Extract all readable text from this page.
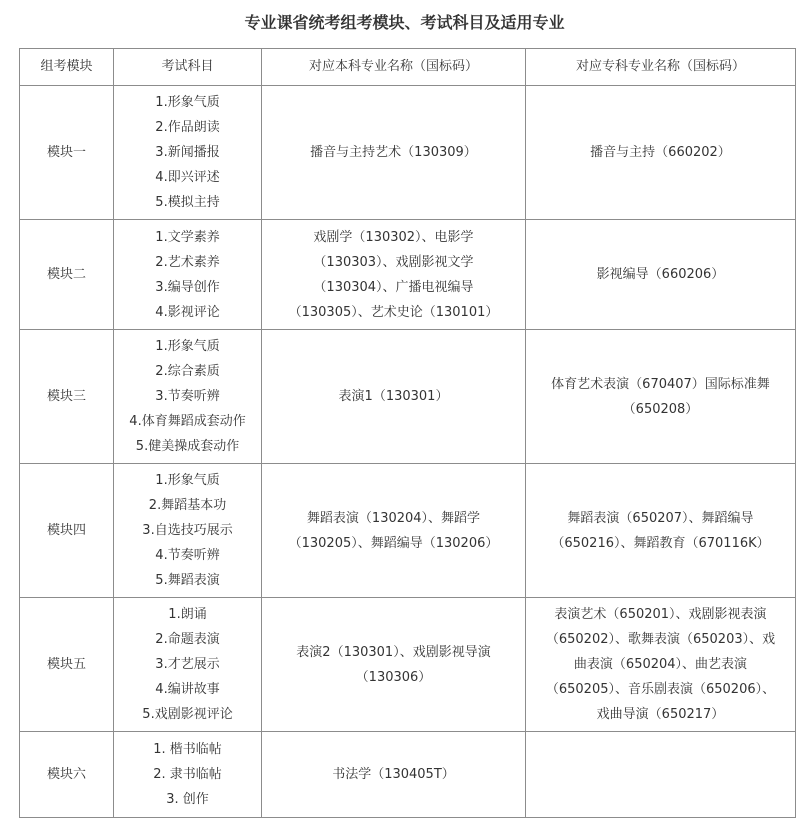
专业课省统考组考模块、考试科目及适用专业
组考模块	考试科目	对应本科专业名称（国标码）	对应专科专业名称（国标码）
模块一	1.形象气质
2.作品朗读
3.新闻播报
4.即兴评述
5.模拟主持	播音与主持艺术（130309）	播音与主持（660202）

模块二	1.文学素养
2.艺术素养
3.编导创作
4.影视评论	戏剧学（130302）、电影学
（130303）、戏剧影视文学
（130304）、广播电视编导
（130305）、艺术史论（130101）	影视编导（660206）

模块三	1.形象气质
2.综合素质
3.节奏听辨
4.体育舞蹈成套动作
5.健美操成套动作	表演1（130301）	体育艺术表演（670407）国际标准舞
（650208）

模块四	1.形象气质
2.舞蹈基本功
3.自选技巧展示
4.节奏听辨
5.舞蹈表演	舞蹈表演（130204）、舞蹈学
（130205）、舞蹈编导（130206）	舞蹈表演（650207）、舞蹈编导
（650216）、舞蹈教育（670116K）

模块五	1.朗诵
2.命题表演
3.才艺展示
4.编讲故事
5.戏剧影视评论	表演2（130301）、戏剧影视导演
（130306）	表演艺术（650201）、戏剧影视表演
（650202）、歌舞表演（650203）、戏
曲表演（650204）、曲艺表演
（650205）、音乐剧表演（650206）、
戏曲导演（650217）

模块六	1. 楷书临帖
2. 隶书临帖
3. 创作	书法学（130405T）	
